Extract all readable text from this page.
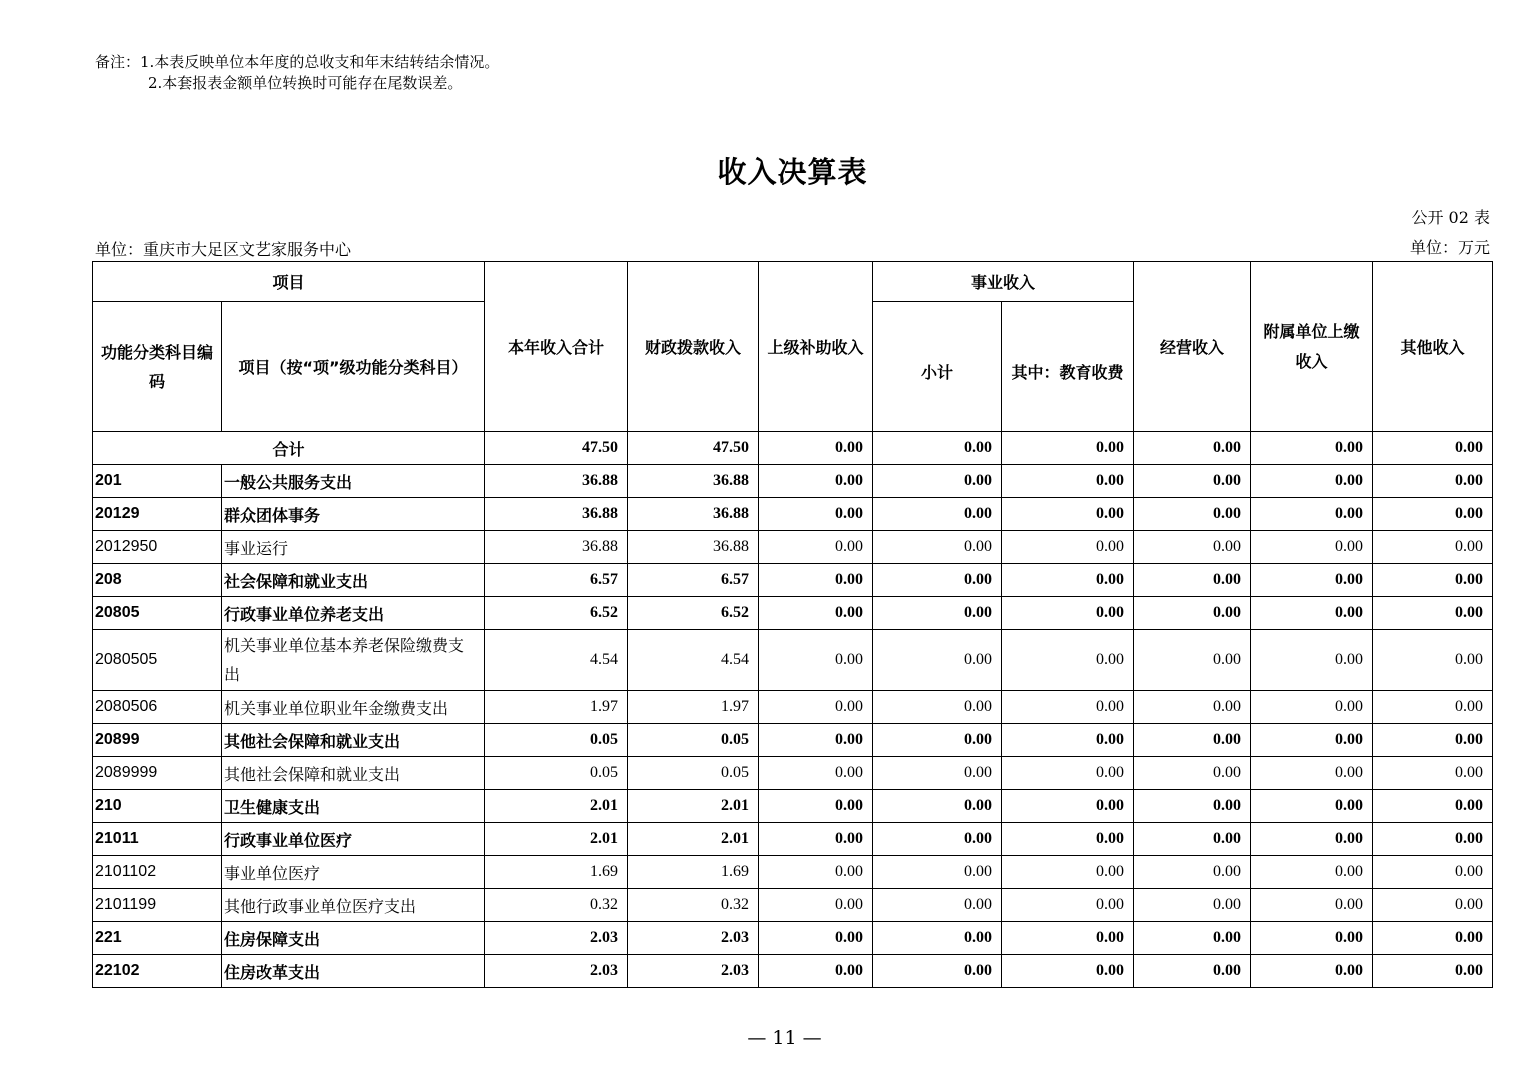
备注：1.本表反映单位本年度的总收支和年末结转结余情况。
2.本套报表金额单位转换时可能存在尾数误差。
收入决算表
公开 02 表
单位：重庆市大足区文艺家服务中心	单位：万元
项目		本年收入合计	财政拨款收入	上级补助收入	事业收入		经营收入	附属单位上缴收入	其他收入
功能分类科目编码	项目（按“项”级功能分类科目）				小计	其中：教育收费			
合计		47.50	47.50	0.00	0.00	0.00	0.00	0.00	0.00
201	一般公共服务支出	36.88	36.88	0.00	0.00	0.00	0.00	0.00	0.00
20129	群众团体事务	36.88	36.88	0.00	0.00	0.00	0.00	0.00	0.00
2012950	事业运行	36.88	36.88	0.00	0.00	0.00	0.00	0.00	0.00
208	社会保障和就业支出	6.57	6.57	0.00	0.00	0.00	0.00	0.00	0.00
20805	行政事业单位养老支出	6.52	6.52	0.00	0.00	0.00	0.00	0.00	0.00
2080505	机关事业单位基本养老保险缴费支出	4.54	4.54	0.00	0.00	0.00	0.00	0.00	0.00
2080506	机关事业单位职业年金缴费支出	1.97	1.97	0.00	0.00	0.00	0.00	0.00	0.00
20899	其他社会保障和就业支出	0.05	0.05	0.00	0.00	0.00	0.00	0.00	0.00
2089999	其他社会保障和就业支出	0.05	0.05	0.00	0.00	0.00	0.00	0.00	0.00
210	卫生健康支出	2.01	2.01	0.00	0.00	0.00	0.00	0.00	0.00
21011	行政事业单位医疗	2.01	2.01	0.00	0.00	0.00	0.00	0.00	0.00
2101102	事业单位医疗	1.69	1.69	0.00	0.00	0.00	0.00	0.00	0.00
2101199	其他行政事业单位医疗支出	0.32	0.32	0.00	0.00	0.00	0.00	0.00	0.00
221	住房保障支出	2.03	2.03	0.00	0.00	0.00	0.00	0.00	0.00
22102	住房改革支出	2.03	2.03	0.00	0.00	0.00	0.00	0.00	0.00
— 11 —
